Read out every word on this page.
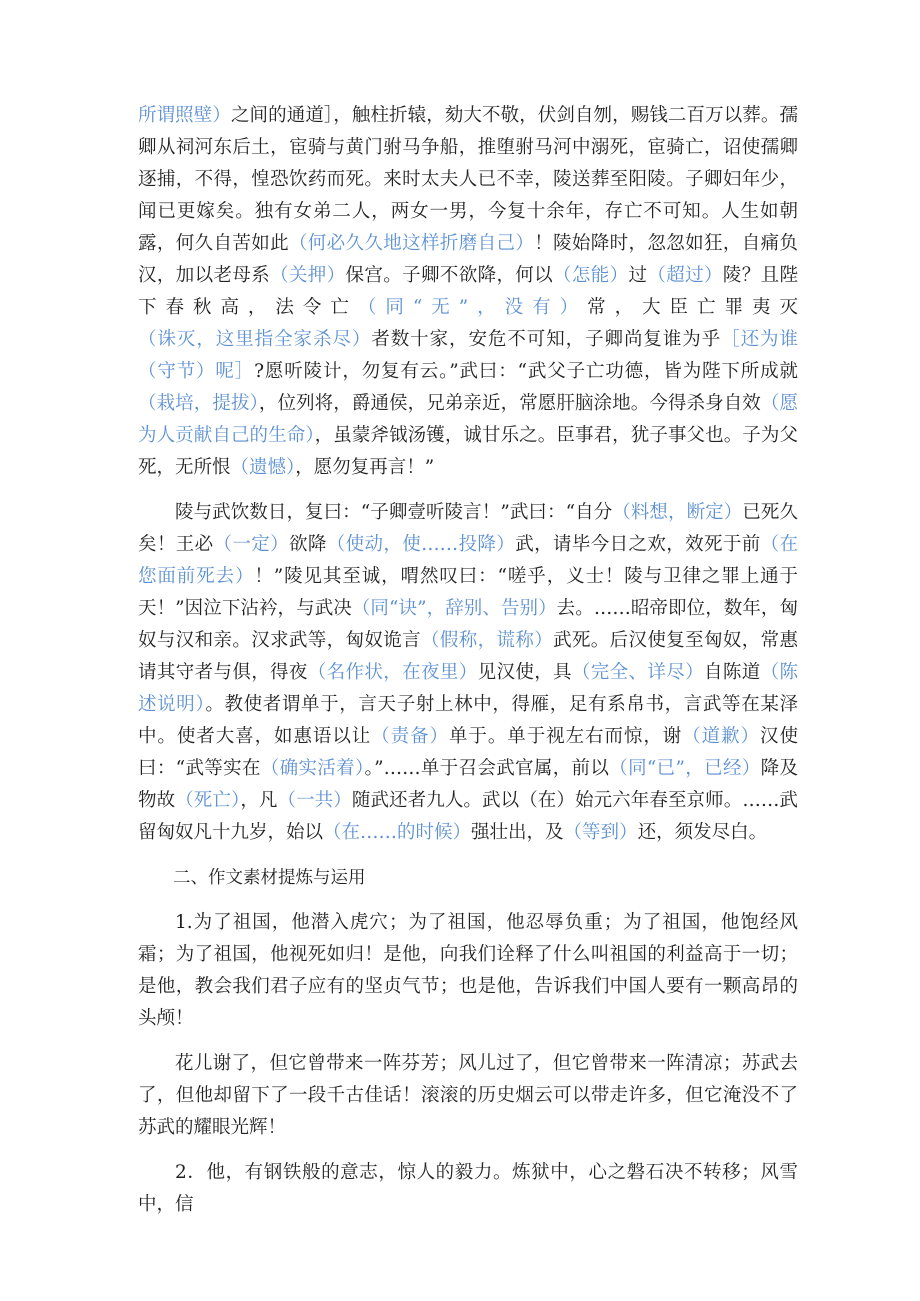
所谓照壁）之间的通道］，触柱折辕，劾大不敬，伏剑自刎，赐钱二百万以葬。孺卿从祠河东后土，宦骑与黄门驸马争船，推堕驸马河中溺死，宦骑亡，诏使孺卿逐捕，不得，惶恐饮药而死。来时太夫人已不幸，陵送葬至阳陵。子卿妇年少，闻已更嫁矣。独有女弟二人，两女一男，今复十余年，存亡不可知。人生如朝露，何久自苦如此（何必久久地这样折磨自己）！陵始降时，忽忽如狂，自痛负汉，加以老母系（关押）保宫。子卿不欲降，何以（怎能）过（超过）陵？且陛下春秋高，法令亡（同“无”，没有）常，大臣亡罪夷灭（诛灭，这里指全家杀尽）者数十家，安危不可知，子卿尚复谁为乎［还为谁（守节）呢］?愿听陵计，勿复有云。”武曰：“武父子亡功德，皆为陛下所成就（栽培，提拔），位列将，爵通侯，兄弟亲近，常愿肝脑涂地。今得杀身自效（愿为人贡献自己的生命），虽蒙斧钺汤镬，诚甘乐之。臣事君，犹子事父也。子为父死，无所恨（遗憾），愿勿复再言！”

陵与武饮数日，复曰：“子卿壹听陵言！”武曰：“自分（料想，断定）已死久矣！王必（一定）欲降（使动，使……投降）武，请毕今日之欢，效死于前（在您面前死去）！”陵见其至诚，喟然叹曰：“嗟乎，义士！陵与卫律之罪上通于天！”因泣下沾衿，与武决（同“诀”，辞别、告别）去。……昭帝即位，数年，匈奴与汉和亲。汉求武等，匈奴诡言（假称，谎称）武死。后汉使复至匈奴，常惠请其守者与俱，得夜（名作状，在夜里）见汉使，具（完全、详尽）自陈道（陈述说明）。教使者谓单于，言天子射上林中，得雁，足有系帛书，言武等在某泽中。使者大喜，如惠语以让（责备）单于。单于视左右而惊，谢（道歉）汉使曰：“武等实在（确实活着）。”……单于召会武官属，前以（同“已”，已经）降及物故（死亡），凡（一共）随武还者九人。武以（在）始元六年春至京师。……武留匈奴凡十九岁，始以（在……的时候）强壮出，及（等到）还，须发尽白。

二、作文素材提炼与运用

1.为了祖国，他潜入虎穴；为了祖国，他忍辱负重；为了祖国，他饱经风霜；为了祖国，他视死如归！是他，向我们诠释了什么叫祖国的利益高于一切；是他，教会我们君子应有的坚贞气节；也是他，告诉我们中国人要有一颗高昂的头颅！

花儿谢了，但它曾带来一阵芬芳；风儿过了，但它曾带来一阵清凉；苏武去了，但他却留下了一段千古佳话！滚滚的历史烟云可以带走许多，但它淹没不了苏武的耀眼光辉！

2．他，有钢铁般的意志，惊人的毅力。炼狱中，心之磐石决不转移；风雪中，信
